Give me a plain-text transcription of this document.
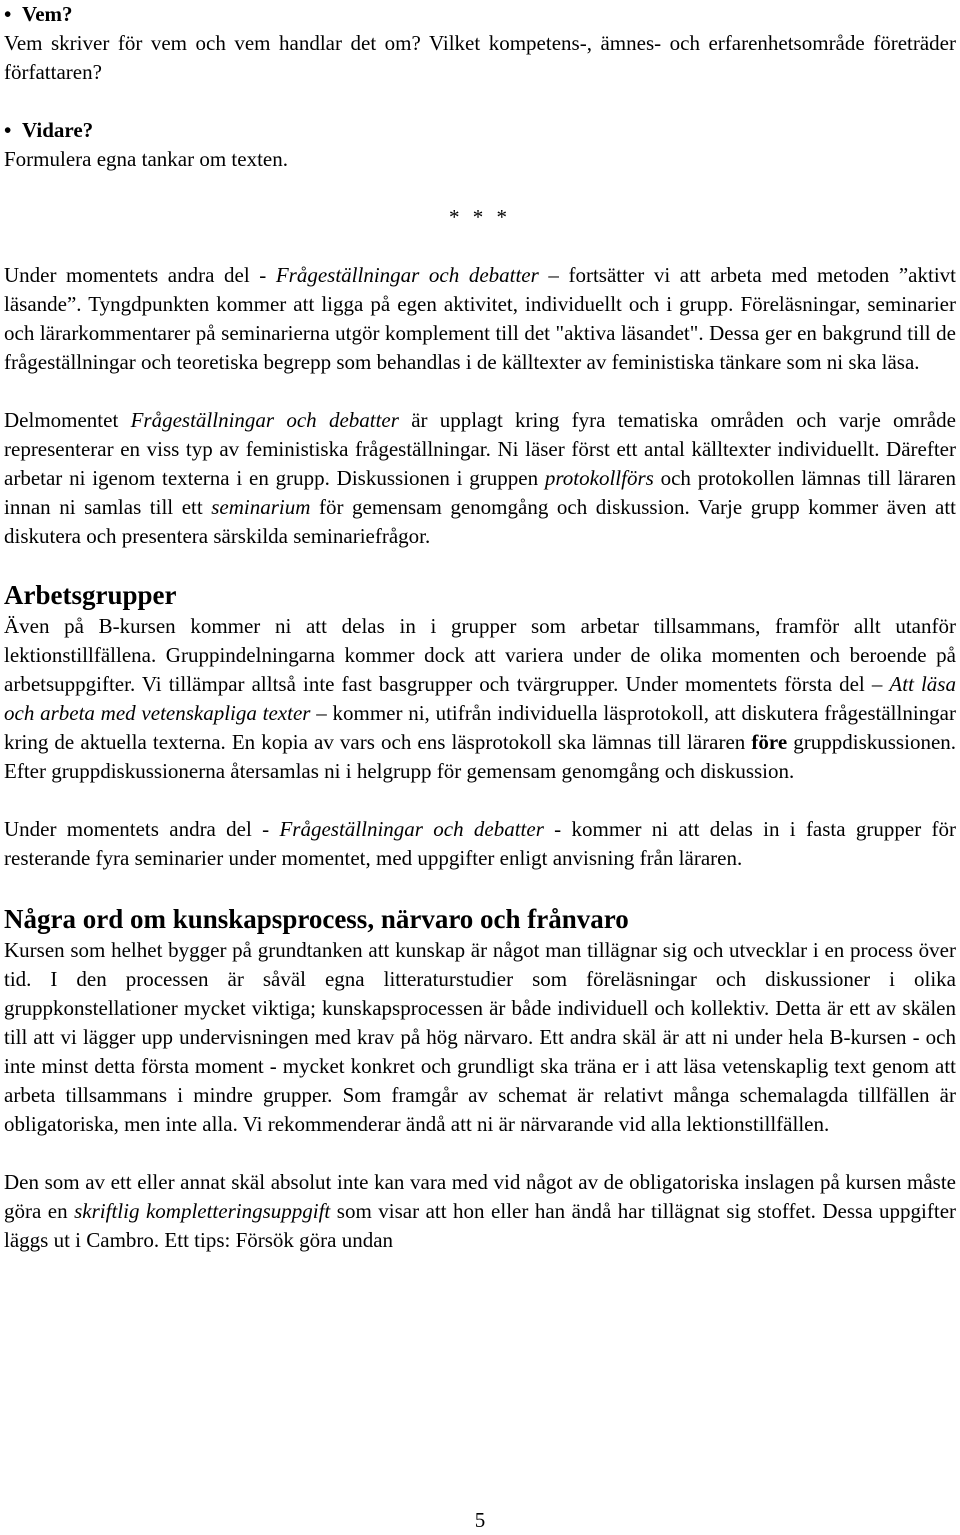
• Vem?

Vem skriver för vem och vem handlar det om? Vilket kompetens-, ämnes- och erfarenhetsområde företräder författaren?

• Vidare?

Formulera egna tankar om texten.

* * *

Under momentets andra del - Frågeställningar och debatter – fortsätter vi att arbeta med metoden ”aktivt läsande”. Tyngdpunkten kommer att ligga på egen aktivitet, individuellt och i grupp. Föreläsningar, seminarier och lärarkommentarer på seminarierna utgör komplement till det "aktiva läsandet". Dessa ger en bakgrund till de frågeställningar och teoretiska begrepp som behandlas i de källtexter av feministiska tänkare som ni ska läsa.

Delmomentet Frågeställningar och debatter är upplagt kring fyra tematiska områden och varje område representerar en viss typ av feministiska frågeställningar. Ni läser först ett antal källtexter individuellt. Därefter arbetar ni igenom texterna i en grupp. Diskussionen i gruppen protokollförs och protokollen lämnas till läraren innan ni samlas till ett seminarium för gemensam genomgång och diskussion. Varje grupp kommer även att diskutera och presentera särskilda seminariefrågor.

Arbetsgrupper

Även på B-kursen kommer ni att delas in i grupper som arbetar tillsammans, framför allt utanför lektionstillfällena. Gruppindelningarna kommer dock att variera under de olika momenten och beroende på arbetsuppgifter. Vi tillämpar alltså inte fast basgrupper och tvärgrupper. Under momentets första del – Att läsa och arbeta med vetenskapliga texter – kommer ni, utifrån individuella läsprotokoll, att diskutera frågeställningar kring de aktuella texterna. En kopia av vars och ens läsprotokoll ska lämnas till läraren före gruppdiskussionen. Efter gruppdiskussionerna återsamlas ni i helgrupp för gemensam genomgång och diskussion.

Under momentets andra del - Frågeställningar och debatter - kommer ni att delas in i fasta grupper för resterande fyra seminarier under momentet, med uppgifter enligt anvisning från läraren.

Några ord om kunskapsprocess, närvaro och frånvaro

Kursen som helhet bygger på grundtanken att kunskap är något man tillägnar sig och utvecklar i en process över tid. I den processen är såväl egna litteraturstudier som föreläsningar och diskussioner i olika gruppkonstellationer mycket viktiga; kunskapsprocessen är både individuell och kollektiv. Detta är ett av skälen till att vi lägger upp undervisningen med krav på hög närvaro. Ett andra skäl är att ni under hela B-kursen - och inte minst detta första moment - mycket konkret och grundligt ska träna er i att läsa vetenskaplig text genom att arbeta tillsammans i mindre grupper. Som framgår av schemat är relativt många schemalagda tillfällen är obligatoriska, men inte alla. Vi rekommenderar ändå att ni är närvarande vid alla lektionstillfällen.

Den som av ett eller annat skäl absolut inte kan vara med vid något av de obligatoriska inslagen på kursen måste göra en skriftlig kompletteringsuppgift som visar att hon eller han ändå har tillägnat sig stoffet. Dessa uppgifter läggs ut i Cambro. Ett tips: Försök göra undan

5
